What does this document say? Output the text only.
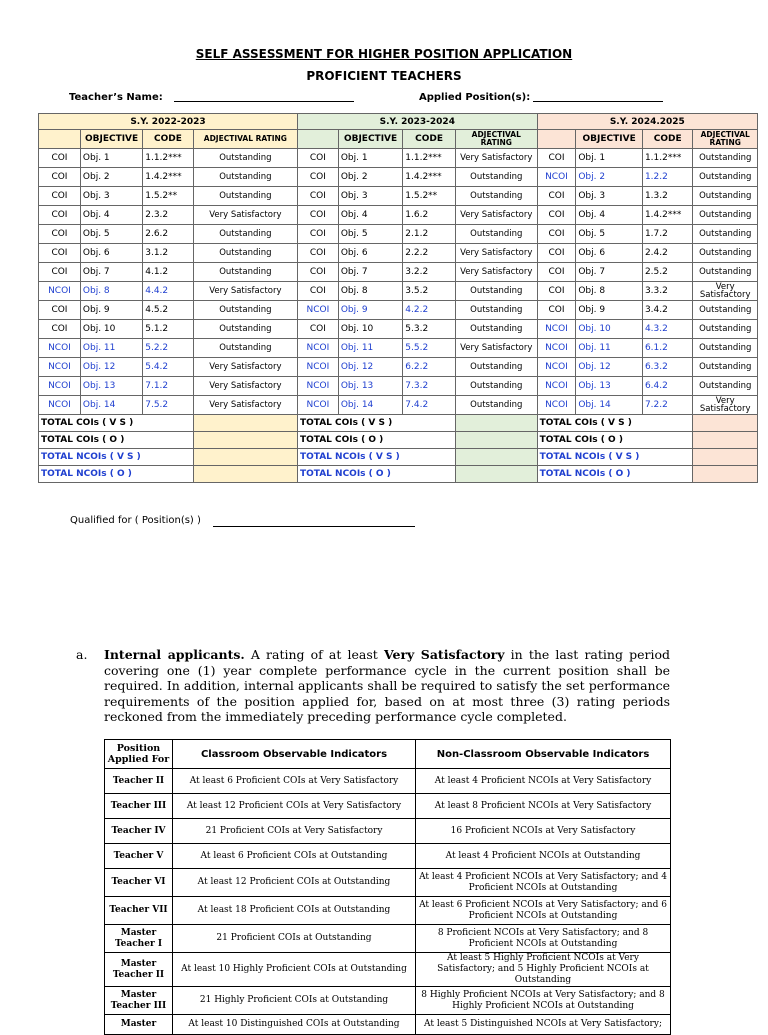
SELF ASSESSMENT FOR HIGHER POSITION APPLICATION
PROFICIENT TEACHERS
Teacher’s Name:	Applied Position(s):
S.Y. 2022-2023				S.Y. 2023-2024				S.Y. 2024.2025			
	OBJECTIVE	CODE	ADJECTIVAL RATING		OBJECTIVE	CODE	ADJECTIVAL RATING		OBJECTIVE	CODE	ADJECTIVAL RATING
COI	Obj. 1	1.1.2***	Outstanding	COI	Obj. 1	1.1.2***	Very Satisfactory	COI	Obj. 1	1.1.2***	Outstanding
COI	Obj. 2	1.4.2***	Outstanding	COI	Obj. 2	1.4.2***	Outstanding	NCOI	Obj. 2	1.2.2	Outstanding
COI	Obj. 3	1.5.2**	Outstanding	COI	Obj. 3	1.5.2**	Outstanding	COI	Obj. 3	1.3.2	Outstanding
COI	Obj. 4	2.3.2	Very Satisfactory	COI	Obj. 4	1.6.2	Very Satisfactory	COI	Obj. 4	1.4.2***	Outstanding
COI	Obj. 5	2.6.2	Outstanding	COI	Obj. 5	2.1.2	Outstanding	COI	Obj. 5	1.7.2	Outstanding
COI	Obj. 6	3.1.2	Outstanding	COI	Obj. 6	2.2.2	Very Satisfactory	COI	Obj. 6	2.4.2	Outstanding
COI	Obj. 7	4.1.2	Outstanding	COI	Obj. 7	3.2.2	Very Satisfactory	COI	Obj. 7	2.5.2	Outstanding
NCOI	Obj. 8	4.4.2	Very Satisfactory	COI	Obj. 8	3.5.2	Outstanding	COI	Obj. 8	3.3.2	Very Satisfactory
COI	Obj. 9	4.5.2	Outstanding	NCOI	Obj. 9	4.2.2	Outstanding	COI	Obj. 9	3.4.2	Outstanding
COI	Obj. 10	5.1.2	Outstanding	COI	Obj. 10	5.3.2	Outstanding	NCOI	Obj. 10	4.3.2	Outstanding
NCOI	Obj. 11	5.2.2	Outstanding	NCOI	Obj. 11	5.5.2	Very Satisfactory	NCOI	Obj. 11	6.1.2	Outstanding
NCOI	Obj. 12	5.4.2	Very Satisfactory	NCOI	Obj. 12	6.2.2	Outstanding	NCOI	Obj. 12	6.3.2	Outstanding
NCOI	Obj. 13	7.1.2	Very Satisfactory	NCOI	Obj. 13	7.3.2	Outstanding	NCOI	Obj. 13	6.4.2	Outstanding
NCOI	Obj. 14	7.5.2	Very Satisfactory	NCOI	Obj. 14	7.4.2	Outstanding	NCOI	Obj. 14	7.2.2	Very Satisfactory
TOTAL COIs ( V S )				TOTAL COIs ( V S )				TOTAL COIs ( V S )			
TOTAL COIs ( O )				TOTAL COIs ( O )				TOTAL COIs ( O )			
TOTAL NCOIs ( V S )				TOTAL NCOIs ( V S )				TOTAL NCOIs ( V S )			
TOTAL NCOIs ( O )				TOTAL NCOIs ( O )				TOTAL NCOIs ( O )			
Qualified for ( Position(s) )
a. Internal applicants. A rating of at least Very Satisfactory in the last rating period covering one (1) year complete performance cycle in the current position shall be required. In addition, internal applicants shall be required to satisfy the set performance requirements of the position applied for, based on at most three (3) rating periods reckoned from the immediately preceding performance cycle completed.
Position Applied For	Classroom Observable Indicators	Non-Classroom Observable Indicators
Teacher II	At least 6 Proficient COIs at Very Satisfactory	At least 4 Proficient NCOIs at Very Satisfactory
Teacher III	At least 12 Proficient COIs at Very Satisfactory	At least 8 Proficient NCOIs at Very Satisfactory
Teacher IV	21 Proficient COIs at Very Satisfactory	16 Proficient NCOIs at Very Satisfactory
Teacher V	At least 6 Proficient COIs at Outstanding	At least 4 Proficient NCOIs at Outstanding
Teacher VI	At least 12 Proficient COIs at Outstanding	At least 4 Proficient NCOIs at Very Satisfactory; and 4 Proficient NCOIs at Outstanding
Teacher VII	At least 18 Proficient COIs at Outstanding	At least 6 Proficient NCOIs at Very Satisfactory; and 6 Proficient NCOIs at Outstanding
Master Teacher I	21 Proficient COIs at Outstanding	8 Proficient NCOIs at Very Satisfactory; and 8 Proficient NCOIs at Outstanding
Master Teacher II	At least 10 Highly Proficient COIs at Outstanding	At least 5 Highly Proficient NCOIs at Very Satisfactory; and 5 Highly Proficient NCOIs at Outstanding
Master Teacher III	21 Highly Proficient COIs at Outstanding	8 Highly Proficient NCOIs at Very Satisfactory; and 8 Highly Proficient NCOIs at Outstanding
Master	At least 10 Distinguished COIs at Outstanding	At least 5 Distinguished NCOIs at Very Satisfactory;
